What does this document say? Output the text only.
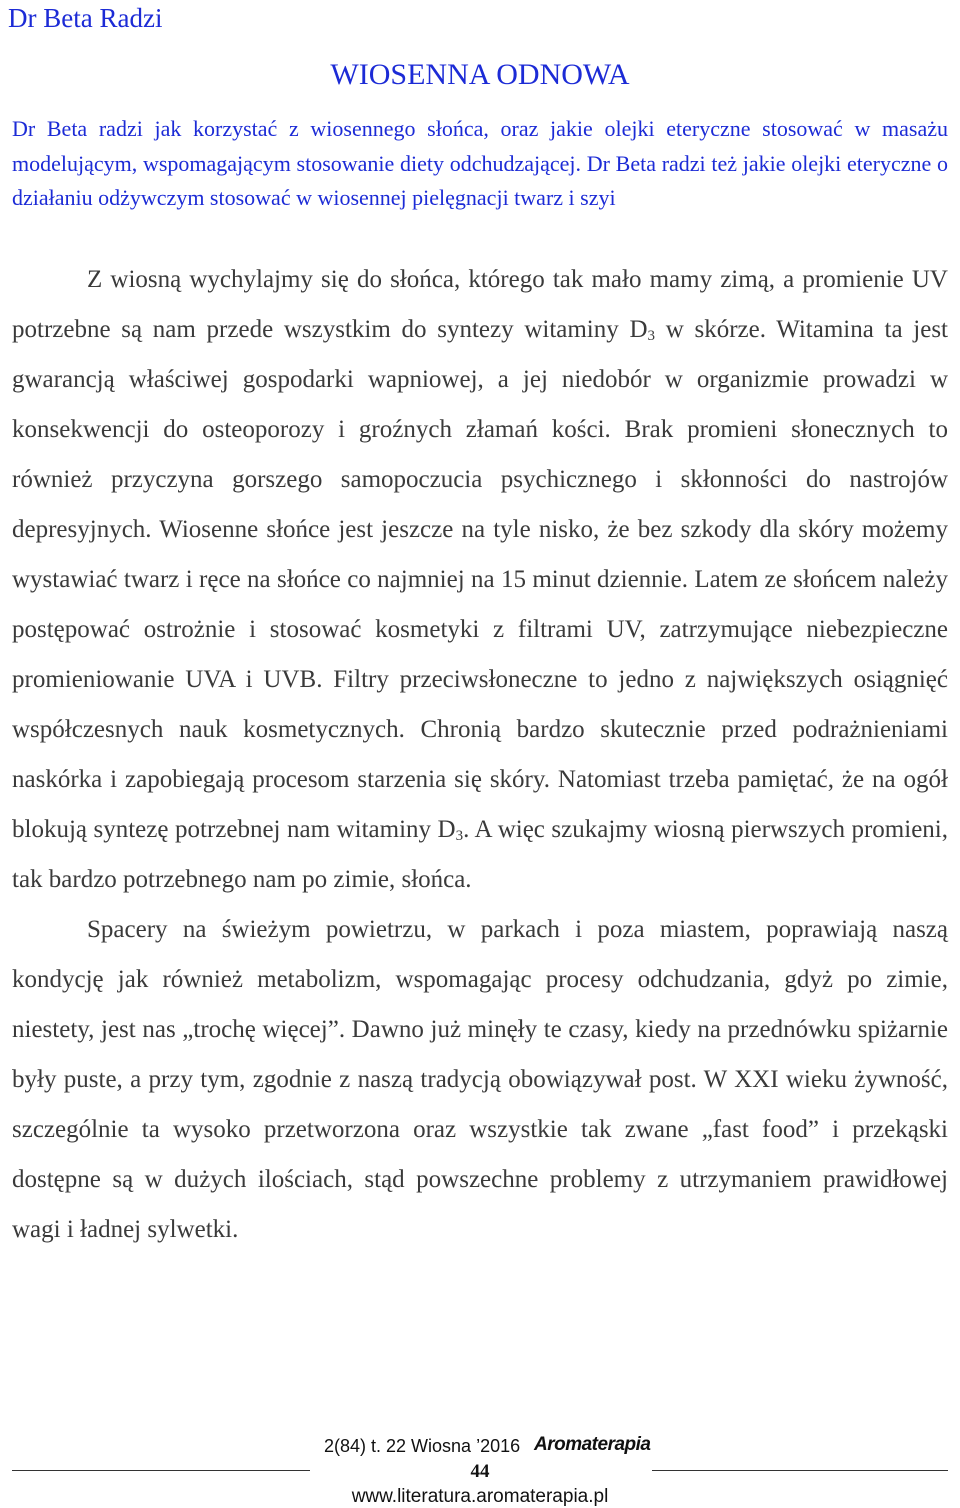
Dr Beta Radzi
WIOSENNA ODNOWA

Dr Beta radzi jak korzystać z wiosennego słońca, oraz jakie olejki eteryczne stosować w masażu modelującym, wspomagającym stosowanie diety odchudzającej. Dr Beta radzi też jakie olejki eteryczne o działaniu odżywczym stosować w wiosennej pielęgnacji twarz i szyi

Z wiosną wychylajmy się do słońca, którego tak mało mamy zimą, a promienie UV potrzebne są nam przede wszystkim do syntezy witaminy $D_3$ w skórze. Witamina ta jest gwarancją właściwej gospodarki wapniowej, a jej niedobór w organizmie prowadzi w konsekwencji do osteoporozy i groźnych złamań kości. Brak promieni słonecznych to również przyczyna gorszego samopoczucia psychicznego i skłonności do nastrojów depresyjnych. Wiosenne słońce jest jeszcze na tyle nisko, że bez szkody dla skóry możemy wystawiać twarz i ręce na słońce co najmniej na 15 minut dziennie. Latem ze słońcem należy postępować ostrożnie i stosować kosmetyki z filtrami UV, zatrzymujące niebezpieczne promieniowanie UVA i UVB. Filtry przeciwsłoneczne to jedno z największych osiągnięć współczesnych nauk kosmetycznych. Chronią bardzo skutecznie przed podrażnieniami naskórka i zapobiegają procesom starzenia się skóry. Natomiast trzeba pamiętać, że na ogół blokują syntezę potrzebnej nam witaminy $D_3$. A więc szukajmy wiosną pierwszych promieni, tak bardzo potrzebnego nam po zimie, słońca.

Spacery na świeżym powietrzu, w parkach i poza miastem, poprawiają naszą kondycję jak również metabolizm, wspomagając procesy odchudzania, gdyż po zimie, niestety, jest nas „trochę więcej”. Dawno już minęły te czasy, kiedy na przednówku spiżarnie były puste, a przy tym, zgodnie z naszą tradycją obowiązywał post. W XXI wieku żywność, szczególnie ta wysoko przetworzona oraz wszystkie tak zwane „fast food” i przekąski dostępne są w dużych ilościach, stąd powszechne problemy z utrzymaniem prawidłowej wagi i ładnej sylwetki.

2(84) t. 22 Wiosna ’2016 Aromaterapia
44
www.literatura.aromaterapia.pl
